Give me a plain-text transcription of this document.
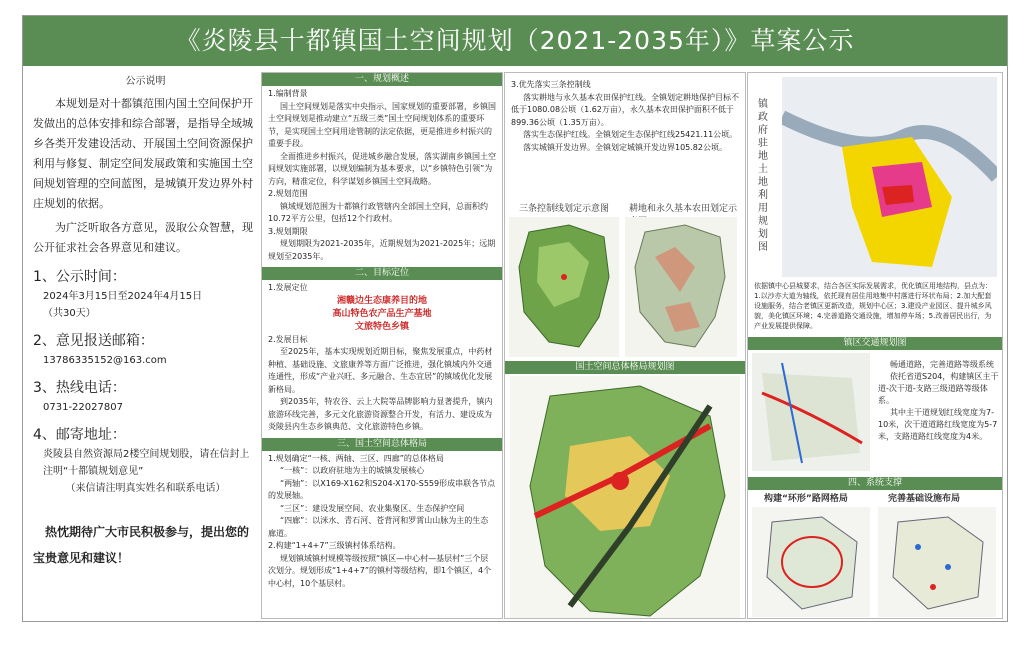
《炎陵县十都镇国土空间规划（2021-2035年）》草案公示
公示说明

本规划是对十都镇范围内国土空间保护开发做出的总体安排和综合部署，是指导全域城乡各类开发建设活动、开展国土空间资源保护利用与修复、制定空间发展政策和实施国土空间规划管理的空间蓝图，是城镇开发边界外村庄规划的依据。

为广泛听取各方意见，汲取公众智慧，现公开征求社会各界意见和建议。

1、公示时间：
2024年3月15日至2024年4月15日
（共30天）
2、意见报送邮箱：
13786335152@163.com
3、热线电话：
0731-22027807
4、邮寄地址：
炎陵县自然资源局2楼空间规划股，请在信封上注明“十都镇规划意见”
（来信请注明真实姓名和联系电话）
热忱期待广大市民积极参与，提出您的宝贵意见和建议！
一、规划概述

1.编制背景

国土空间规划是落实中央指示、国家规划的重要部署，乡镇国土空间规划是推动建立“五级三类”国土空间规划体系的重要环节，是实现国土空间用途管制的法定依据，更是推进乡村振兴的重要手段。

全面推进乡村振兴，促进城乡融合发展，落实湖南乡镇国土空间规划实施部署，以规划编制为基本要求，以“乡镇特色引领”为方向，精准定位，科学谋划乡镇国土空间战略。

2.规划范围

镇域规划范围为十都镇行政管辖内全部国土空间，总面积约10.72平方公里，包括12个行政村。

3.规划期限

规划期限为2021-2035年，近期规划为2021-2025年；远期规划至2035年。

二、目标定位

1.发展定位

湘赣边生态康养目的地

高山特色农产品生产基地

文旅特色乡镇

2.发展目标

至2025年，基本实现规划近期目标，聚焦发展重点，中药材种植、基础设施、文旅康养等方面广泛推进，强化镇域内外交通连通性，形成“产业兴旺、多元融合、生态宜居”的镇域优化发展新格局。

到2035年，特农谷、云上大院等品牌影响力显著提升，镇内旅游环线完善，多元文化旅游资源整合开发，有活力、建设成为炎陵县内生态乡镇典范、文化旅游特色乡镇。

三、国土空间总体格局

1.规划确定“一核、两轴、三区、四廊”的总体格局

“一核”：以政府驻地为主的城镇发展核心

“两轴”：以X169-X162和S204-X170-S559形成串联各节点的发展轴。

“三区”：建设发展空间、农业集聚区、生态保护空间

“四廊”：以洣水、青石河、苍背河和罗霄山山脉为主的生态廊道。

2.构建“1+4+7”三级镇村体系结构。

规划镇域镇村规模等级按照“镇区—中心村—基层村”三个层次划分。规划形成“1+4+7”的镇村等级结构，即1个镇区，4个中心村，10个基层村。

3.优先落实三条控制线

落实耕地与永久基本农田保护红线。全镇划定耕地保护目标不低于1080.08公顷（1.62万亩），永久基本农田保护面积不低于899.36公顷（1.35万亩）。

落实生态保护红线。全镇划定生态保护红线25421.11公顷。

落实城镇开发边界。全镇划定城镇开发边界105.82公顷。

三条控制线划定示意图 耕地和永久基本农田划定示
国土空间总体格局规划图
镇政府驻地土地利用规划图
依据镇中心县城要求，结合各区实际发展需求，优化镇区用地结构，县点为：1.以沙亦大道为轴线，依托现有居住用地集中村落进行环状布局；2.加大配套设施服务，结合老镇区更新改造，规划中心区；3.建设产业园区、提升城乡风貌，美化镇区环境；4.完善道路交通设施，增加停车场；5.改善居民出行，为产业发展提供保障。
镇区交通规划图

畅通道路，完善道路等级系统

依托省道S204，构建镇区主干道-次干道-支路三级道路等级体系。

其中主干道规划红线宽度为7-10米，次干道道路红线宽度为5-7米，支路道路红线宽度为4米。

四、系统支撑
构建“环形”路网格局	完善基础设施布局
